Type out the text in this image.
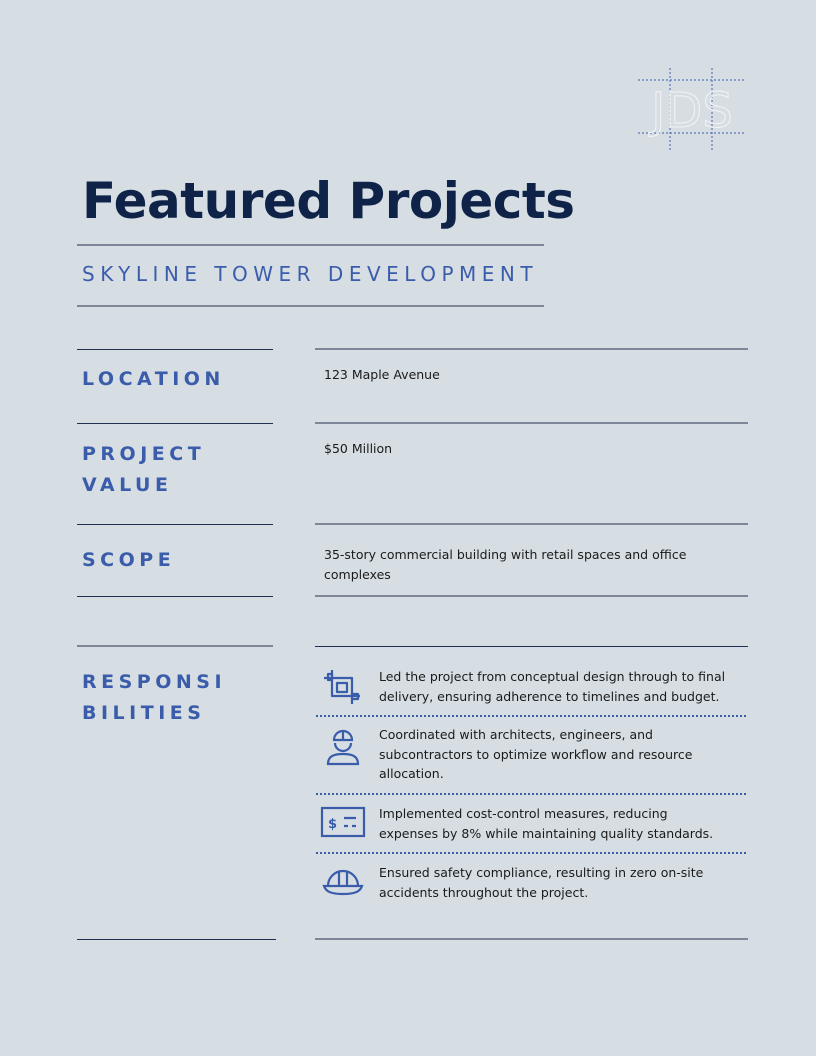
JDS
Featured Projects
SKYLINE TOWER DEVELOPMENT
LOCATION	123 Maple Avenue
PROJECT
VALUE
$50 Million
SCOPE	35-story commercial building with retail spaces and office complexes
RESPONSI
BILITIES
Led the project from conceptual design through to final delivery, ensuring adherence to timelines and budget.
Coordinated with architects, engineers, and subcontractors to optimize workflow and resource allocation.
$
Implemented cost-control measures, reducing expenses by 8% while maintaining quality standards.
Ensured safety compliance, resulting in zero on-site accidents throughout the project.
